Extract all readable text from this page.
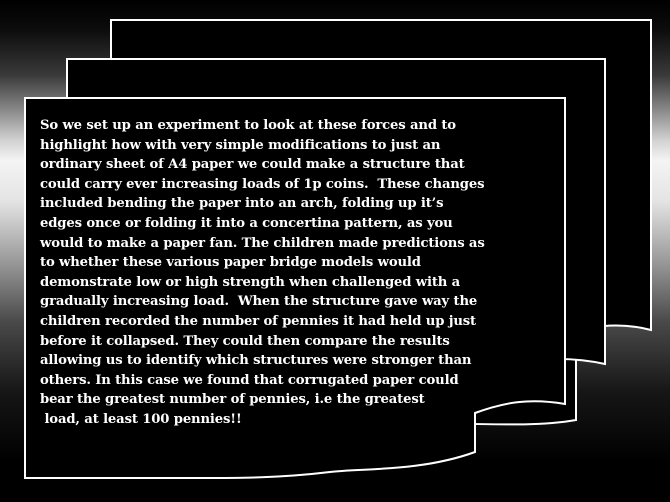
So we set up an experiment to look at these forces and to
highlight how with very simple modifications to just an
ordinary sheet of A4 paper we could make a structure that
could carry ever increasing loads of 1p coins.  These changes
included bending the paper into an arch, folding up it’s
edges once or folding it into a concertina pattern, as you
would to make a paper fan. The children made predictions as
to whether these various paper bridge models would
demonstrate low or high strength when challenged with a
gradually increasing load.  When the structure gave way the
children recorded the number of pennies it had held up just
before it collapsed. They could then compare the results
allowing us to identify which structures were stronger than
others. In this case we found that corrugated paper could
bear the greatest number of pennies, i.e the greatest
load, at least 100 pennies!!
